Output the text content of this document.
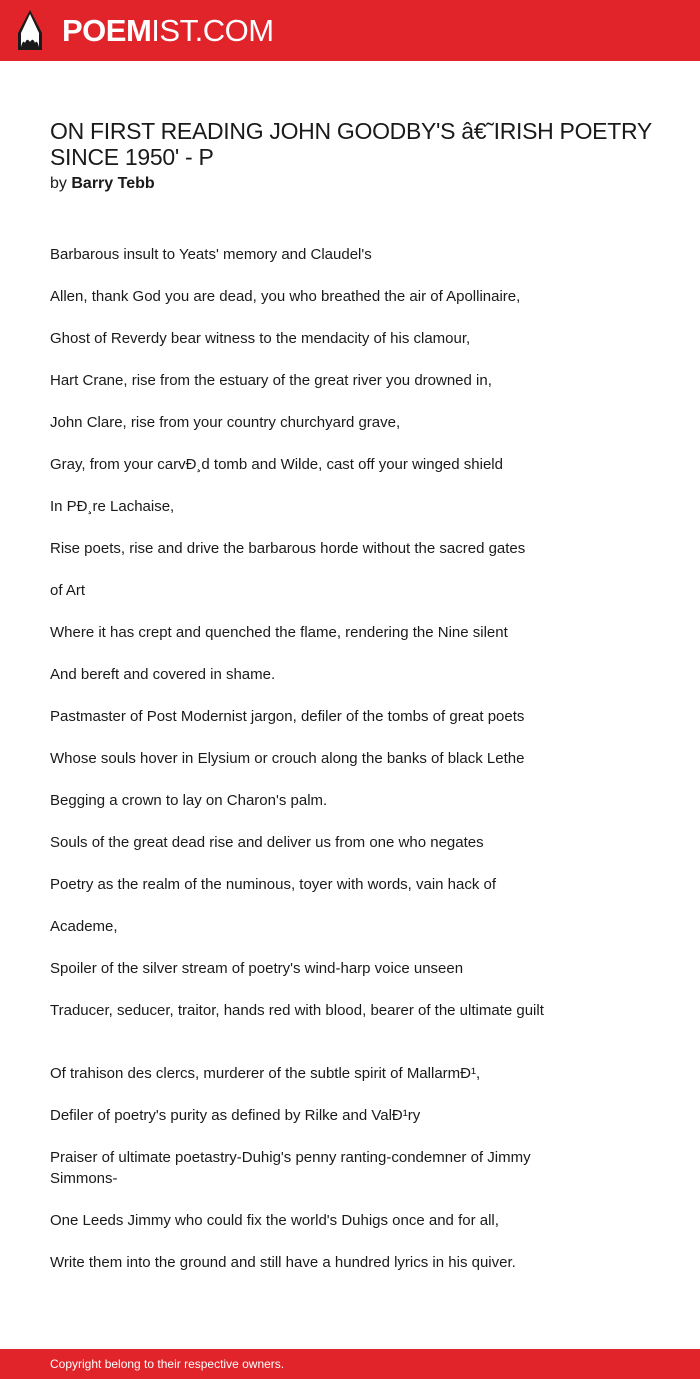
POEMIST.COM
ON FIRST READING JOHN GOODBY'S â€˜IRISH POETRY SINCE 1950' - P
by Barry Tebb
Barbarous insult to Yeats' memory and Claudel's
Allen, thank God you are dead, you who breathed the air of Apollinaire,
Ghost of Reverdy bear witness to the mendacity of his clamour,
Hart Crane, rise from the estuary of the great river you drowned in,
John Clare, rise from your country churchyard grave,
Gray, from your carvÐ¸d tomb and Wilde, cast off your winged shield
In PÐ¸re Lachaise,
Rise poets, rise and drive the barbarous horde without the sacred gates
of Art
Where it has crept and quenched the flame, rendering the Nine silent
And bereft and covered in shame.
Pastmaster of Post Modernist jargon, defiler of the tombs of great poets
Whose souls hover in Elysium or crouch along the banks of black Lethe
Begging a crown to lay on Charon's palm.
Souls of the great dead rise and deliver us from one who negates
Poetry as the realm of the numinous, toyer with words, vain hack of
Academe,
Spoiler of the silver stream of poetry's wind-harp voice unseen
Traducer, seducer, traitor, hands red with blood, bearer of the ultimate guilt
Of trahison des clercs, murderer of the subtle spirit of MallarmÐ¹,
Defiler of poetry's purity as defined by Rilke and ValÐ¹ry
Praiser of ultimate poetastry-Duhig's penny ranting-condemner of Jimmy Simmons-
One Leeds Jimmy who could fix the world's Duhigs once and for all,
Write them into the ground and still have a hundred lyrics in his quiver.
Copyright belong to their respective owners.
